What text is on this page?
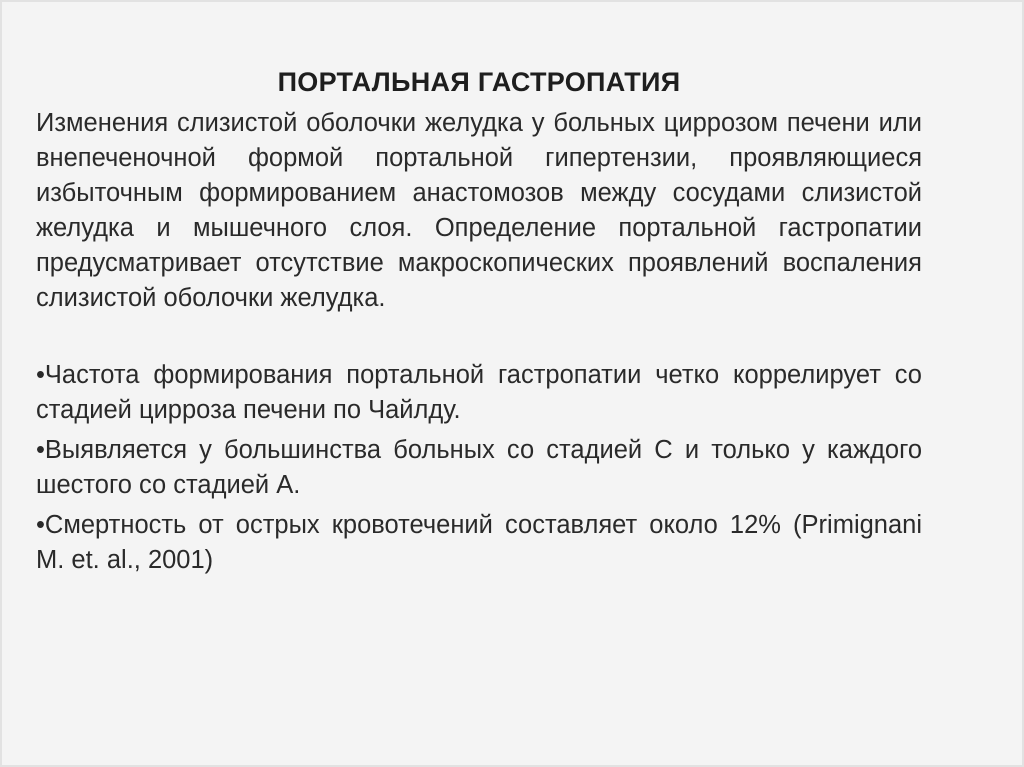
ПОРТАЛЬНАЯ ГАСТРОПАТИЯ

Изменения слизистой оболочки желудка у больных циррозом печени или внепеченочной формой портальной гипертензии, проявляющиеся избыточным формированием анастомозов между сосудами слизистой желудка и мышечного слоя. Определение портальной гастропатии предусматривает отсутствие макроскопических проявлений воспаления слизистой оболочки желудка.

•Частота формирования портальной гастропатии четко коррелирует со стадией цирроза печени по Чайлду.
•Выявляется у большинства больных со стадией С и только у каждого шестого со стадией А.
•Смертность от острых кровотечений составляет около 12% (Primignani M. et. al., 2001)
